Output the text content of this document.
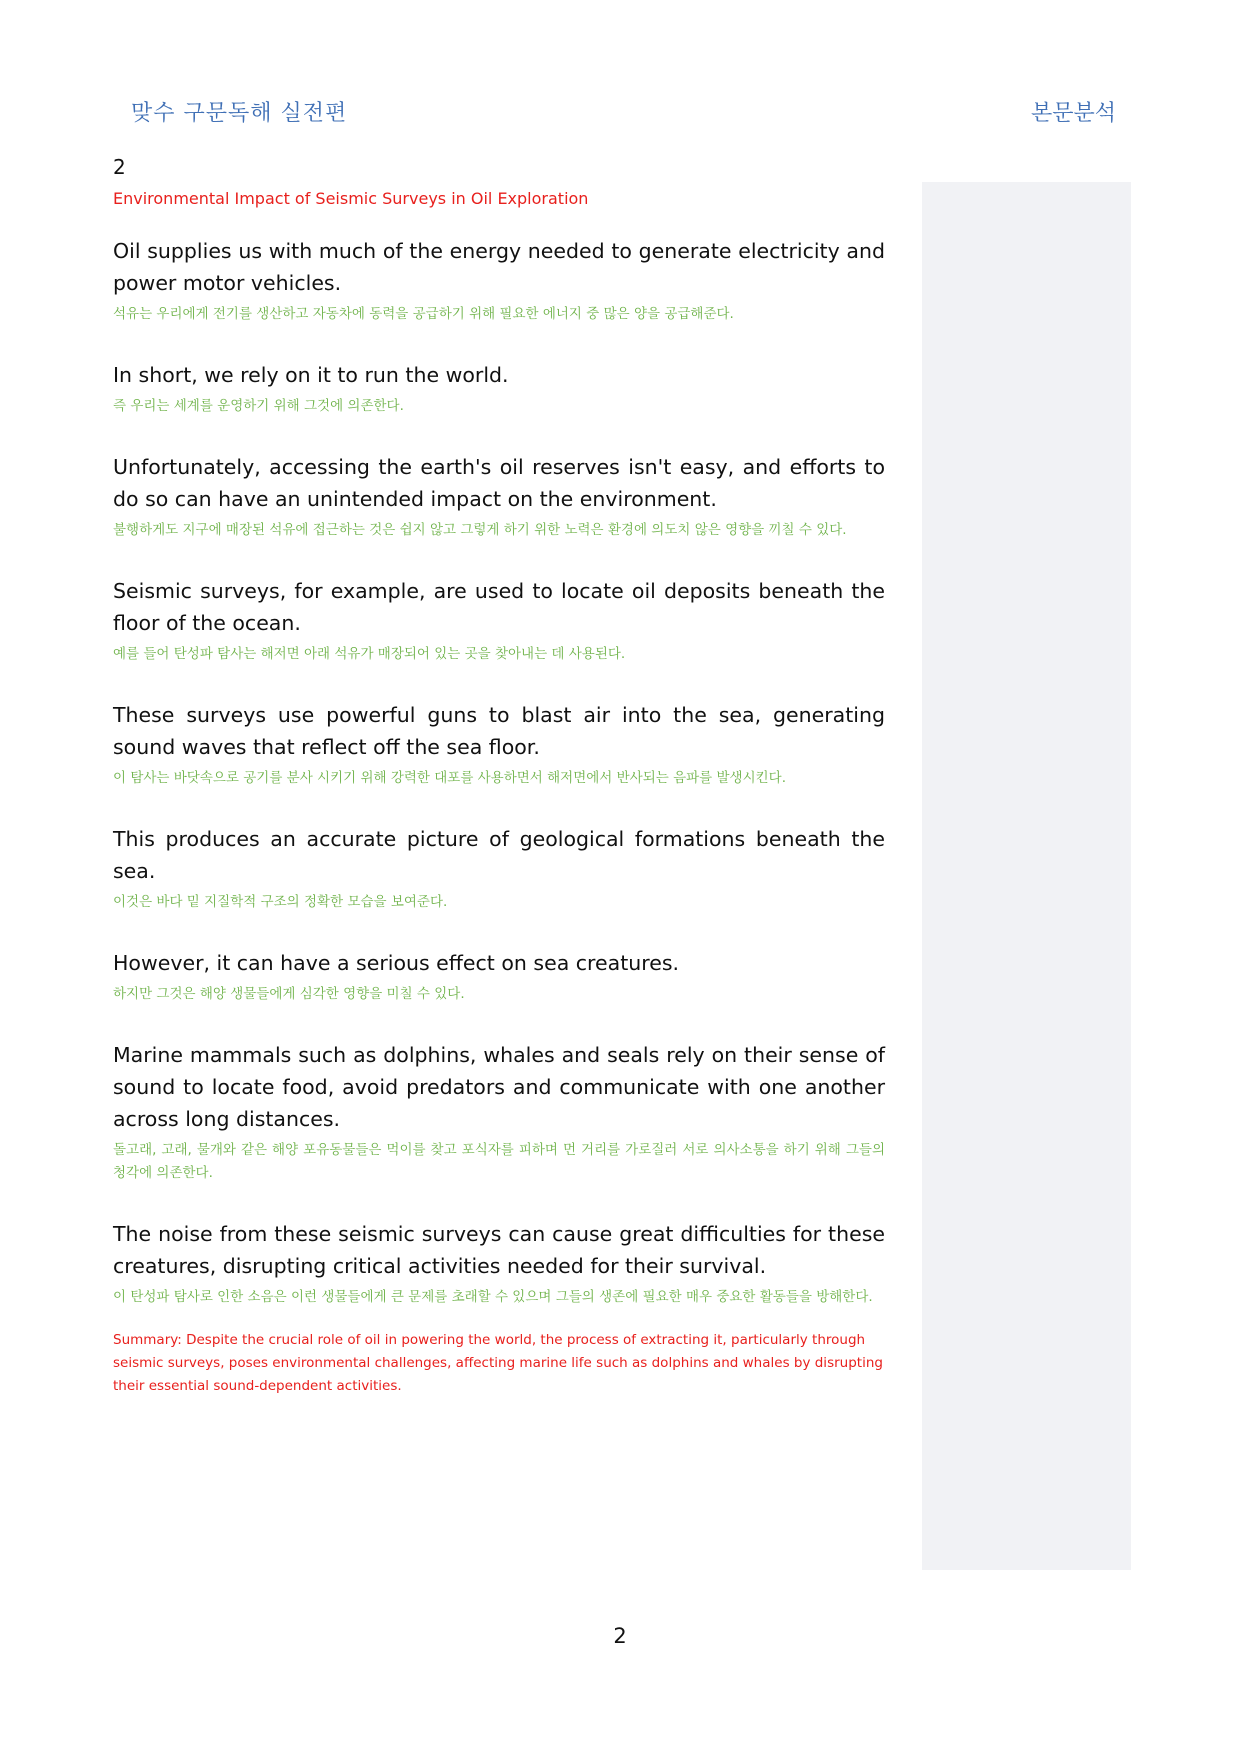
맞수 구문독해 실전편	본문분석
2
Environmental Impact of Seismic Surveys in Oil Exploration
Oil supplies us with much of the energy needed to generate electricity and power motor vehicles.
석유는 우리에게 전기를 생산하고 자동차에 동력을 공급하기 위해 필요한 에너지 중 많은 양을 공급해준다.
In short, we rely on it to run the world.
즉 우리는 세계를 운영하기 위해 그것에 의존한다.
Unfortunately, accessing the earth's oil reserves isn't easy, and efforts to do so can have an unintended impact on the environment.
불행하게도 지구에 매장된 석유에 접근하는 것은 쉽지 않고 그렇게 하기 위한 노력은 환경에 의도치 않은 영향을 끼칠 수 있다.
Seismic surveys, for example, are used to locate oil deposits beneath the floor of the ocean.
예를 들어 탄성파 탐사는 해저면 아래 석유가 매장되어 있는 곳을 찾아내는 데 사용된다.
These surveys use powerful guns to blast air into the sea, generating sound waves that reflect off the sea floor.
이 탐사는 바닷속으로 공기를 분사 시키기 위해 강력한 대포를 사용하면서 해저면에서 반사되는 음파를 발생시킨다.
This produces an accurate picture of geological formations beneath the sea.
이것은 바다 밑 지질학적 구조의 정확한 모습을 보여준다.
However, it can have a serious effect on sea creatures.
하지만 그것은 해양 생물들에게 심각한 영향을 미칠 수 있다.
Marine mammals such as dolphins, whales and seals rely on their sense of sound to locate food, avoid predators and communicate with one another across long distances.
돌고래, 고래, 물개와 같은 해양 포유동물들은 먹이를 찾고 포식자를 피하며 먼 거리를 가로질러 서로 의사소통을 하기 위해 그들의 청각에 의존한다.
The noise from these seismic surveys can cause great difficulties for these creatures, disrupting critical activities needed for their survival.
이 탄성파 탐사로 인한 소음은 이런 생물들에게 큰 문제를 초래할 수 있으며 그들의 생존에 필요한 매우 중요한 활동들을 방해한다.
Summary: Despite the crucial role of oil in powering the world, the process of extracting it, particularly through seismic surveys, poses environmental challenges, affecting marine life such as dolphins and whales by disrupting their essential sound-dependent activities.
2
